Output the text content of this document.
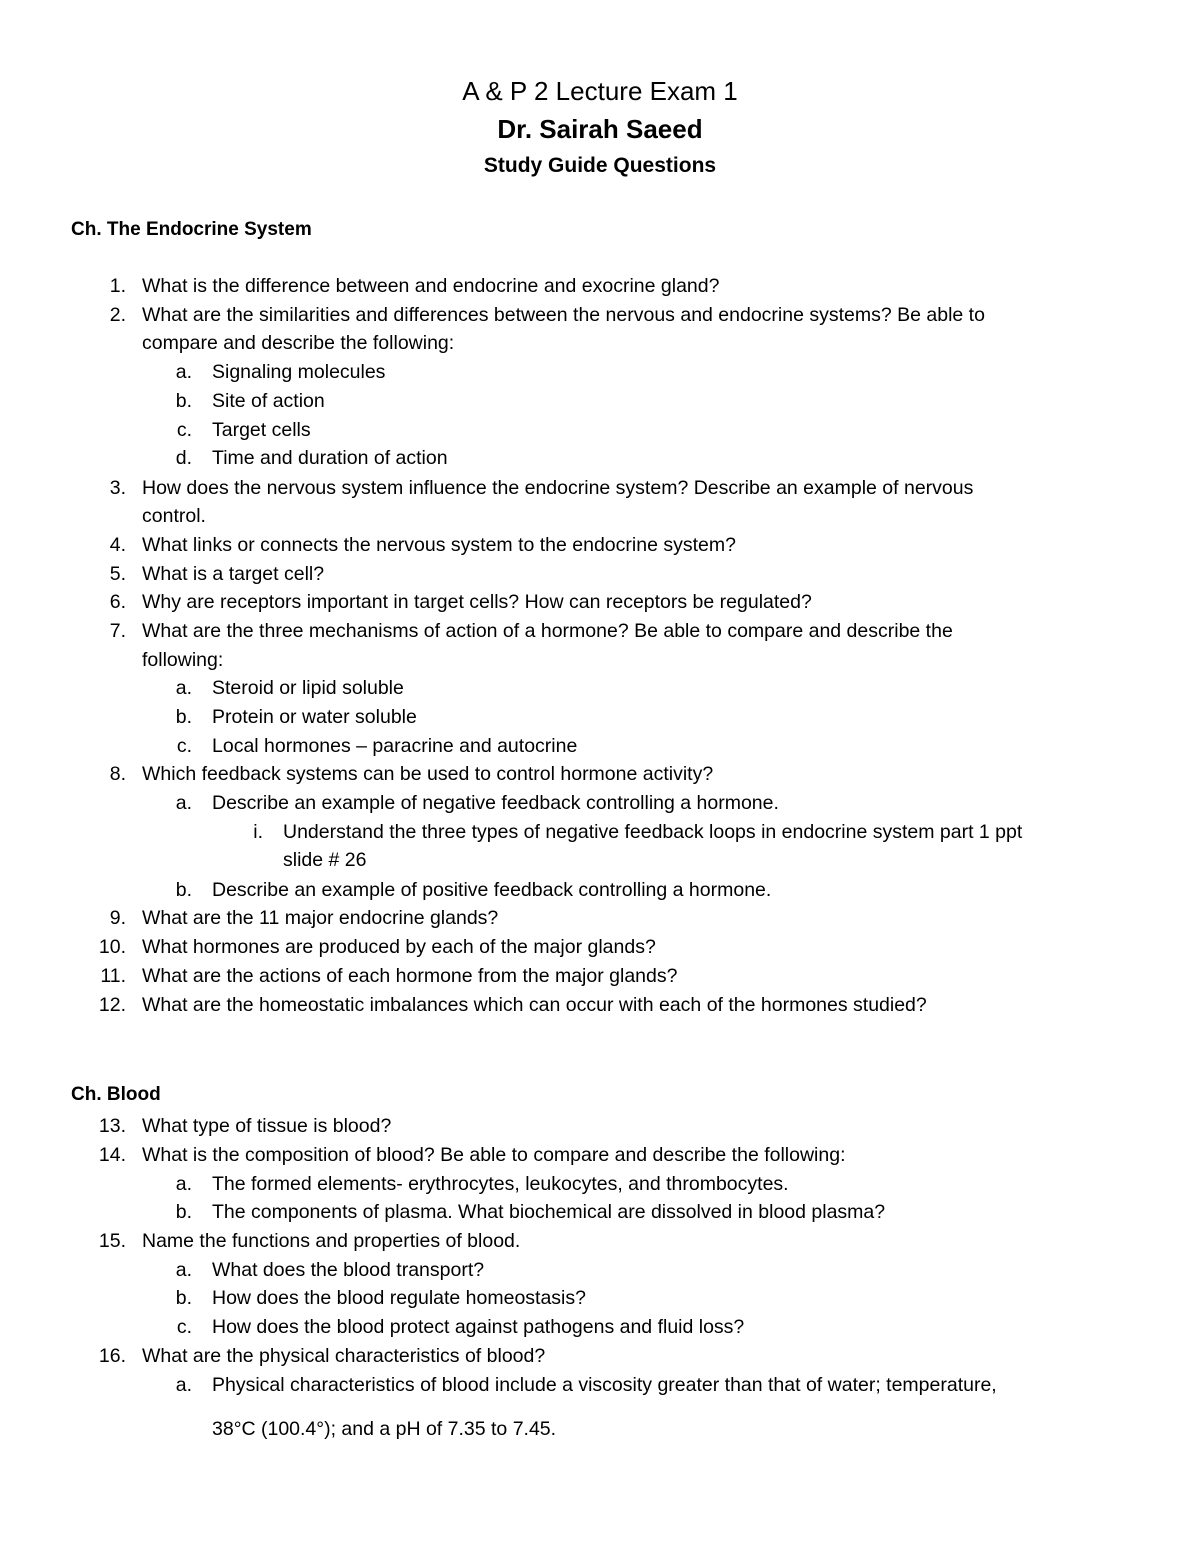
A & P 2 Lecture Exam 1
Dr. Sairah Saeed
Study Guide Questions
Ch. The Endocrine System
1. What is the difference between and endocrine and exocrine gland?
2. What are the similarities and differences between the nervous and endocrine systems? Be able to
compare and describe the following:
a. Signaling molecules
b. Site of action
c. Target cells
d. Time and duration of action
3. How does the nervous system influence the endocrine system? Describe an example of nervous
control.
4. What links or connects the nervous system to the endocrine system?
5. What is a target cell?
6. Why are receptors important in target cells? How can receptors be regulated?
7. What are the three mechanisms of action of a hormone? Be able to compare and describe the
following:
a. Steroid or lipid soluble
b. Protein or water soluble
c. Local hormones – paracrine and autocrine
8. Which feedback systems can be used to control hormone activity?
a. Describe an example of negative feedback controlling a hormone.
i. Understand the three types of negative feedback loops in endocrine system part 1 ppt
slide # 26
b. Describe an example of positive feedback controlling a hormone.
9. What are the 11 major endocrine glands?
10. What hormones are produced by each of the major glands?
11. What are the actions of each hormone from the major glands?
12. What are the homeostatic imbalances which can occur with each of the hormones studied?
Ch. Blood
13. What type of tissue is blood?
14. What is the composition of blood? Be able to compare and describe the following:
a. The formed elements- erythrocytes, leukocytes, and thrombocytes.
b. The components of plasma. What biochemical are dissolved in blood plasma?
15. Name the functions and properties of blood.
a. What does the blood transport?
b. How does the blood regulate homeostasis?
c. How does the blood protect against pathogens and fluid loss?
16. What are the physical characteristics of blood?
a. Physical characteristics of blood include a viscosity greater than that of water; temperature,
38°C (100.4°); and a pH of 7.35 to 7.45.
